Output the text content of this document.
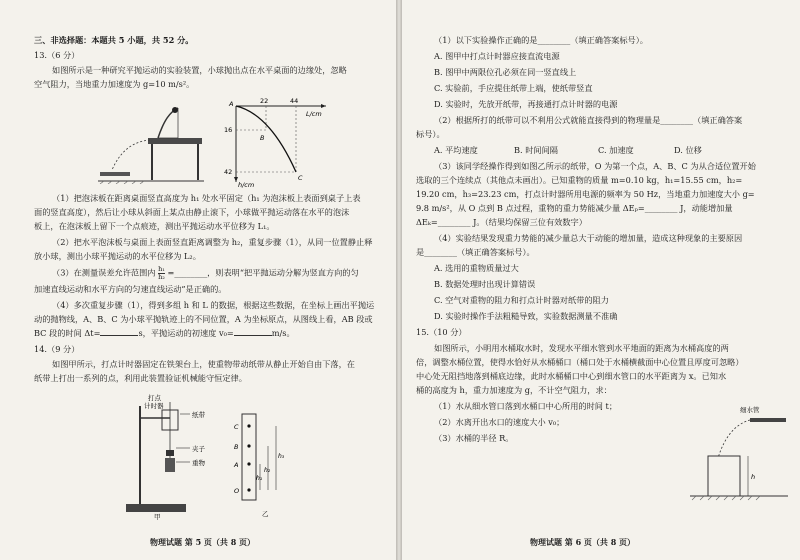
三、非选择题：本题共 5 小题，共 52 分。
13.（6 分）
如图所示是一种研究平抛运动的实验装置，小球抛出点在水平桌面的边缘处，忽略
空气阻力，当地重力加速度为 g=10 m/s²。
22	44
L/cm
16
42
h/cm
A
B
C
（1）把泡沫板在距离桌面竖直高度为 h₁ 处水平固定（h₁ 为泡沫板上表面到桌子上表
面的竖直高度），然后让小球从斜面上某点由静止滚下，小球做平抛运动落在水平的泡沫
板上，在泡沫板上留下一个点痕迹，测出平抛运动水平位移为 L₁。
（2）把水平泡沫板与桌面上表面竖直距离调整为 h₂，重复步骤（1），从同一位置静止释
放小球，测出小球平抛运动的水平位移为 L₂。
（3）在测量误差允许范围内 $\frac{\text{h₁}}{\text{h₂}}$ =________，则表明“把平抛运动分解为竖直方向的匀
加速直线运动和水平方向的匀速直线运动”是正确的。
（4）多次重复步骤（1），得到多组 h 和 L 的数据，根据这些数据，在坐标上画出平抛运
动的抛物线，A、B、C 为小球平抛轨迹上的不同位置，A 为坐标原点，从图线上看，AB 段或
BC 段的时间 Δt=	s，平抛运动的初速度 v₀=	m/s。
14.（9 分）
如图甲所示，打点计时器固定在铁架台上，使重物带动纸带从静止开始自由下落，在
纸带上打出一系列的点，利用此装置验证机械能守恒定律。
打点
计时器
纸带
夹子
重物
甲
C
B
A
O
h₁
h₂
h₃
乙
物理试题 第 5 页（共 8 页）
（1）以下实验操作正确的是________（填正确答案标号）。
A. 图甲中打点计时器应接直流电源
B. 图甲中两限位孔必须在同一竖直线上
C. 实验前，手应提住纸带上端，使纸带竖直
D. 实验时，先放开纸带，再接通打点计时器的电源
（2）根据所打的纸带可以不利用公式就能直接得到的物理量是________（填正确答案
标号）。
A. 平均速度	B. 时间间隔	C. 加速度	D. 位移
（3）该同学经操作得到如图乙所示的纸带，O 为第一个点，A、B、C 为从合适位置开始
选取的三个连续点（其他点未画出）。已知重物的质量 m=0.10 kg，h₁=15.55 cm，h₂=
19.20 cm，h₃=23.23 cm，打点计时器所用电源的频率为 50 Hz，当地重力加速度大小 g=
9.8 m/s²，从 O 点到 B 点过程，重物的重力势能减少量 ΔEₚ=________ J，动能增加量
ΔEₖ=________ J。（结果均保留三位有效数字）
（4）实验结果发现重力势能的减少量总大于动能的增加量，造成这种现象的主要原因
是________（填正确答案标号）。
A. 选用的重物质量过大
B. 数据处理时出现计算错误
C. 空气对重物的阻力和打点计时器对纸带的阻力
D. 实验时操作手法粗糙导致，实验数据测量不准确
15.（10 分）
如图所示，小明用水桶取水时，发现水平细水管到水平地面的距离为水桶高度的两
倍，调整水桶位置，使得水恰好从水桶桶口（桶口处于水桶横截面中心位置且厚度可忽略）
中心处无阻挡地落到桶底边缘，此时水桶桶口中心到细水管口的水平距离为 x。已知水
桶的高度为 h，重力加速度为 g，不计空气阻力，求：
（1）水从细水管口落到水桶口中心所用的时间 t；
（2）水离开出水口的速度大小 v₀；
（3）水桶的半径 R。
细水管
h
物理试题 第 6 页（共 8 页）
